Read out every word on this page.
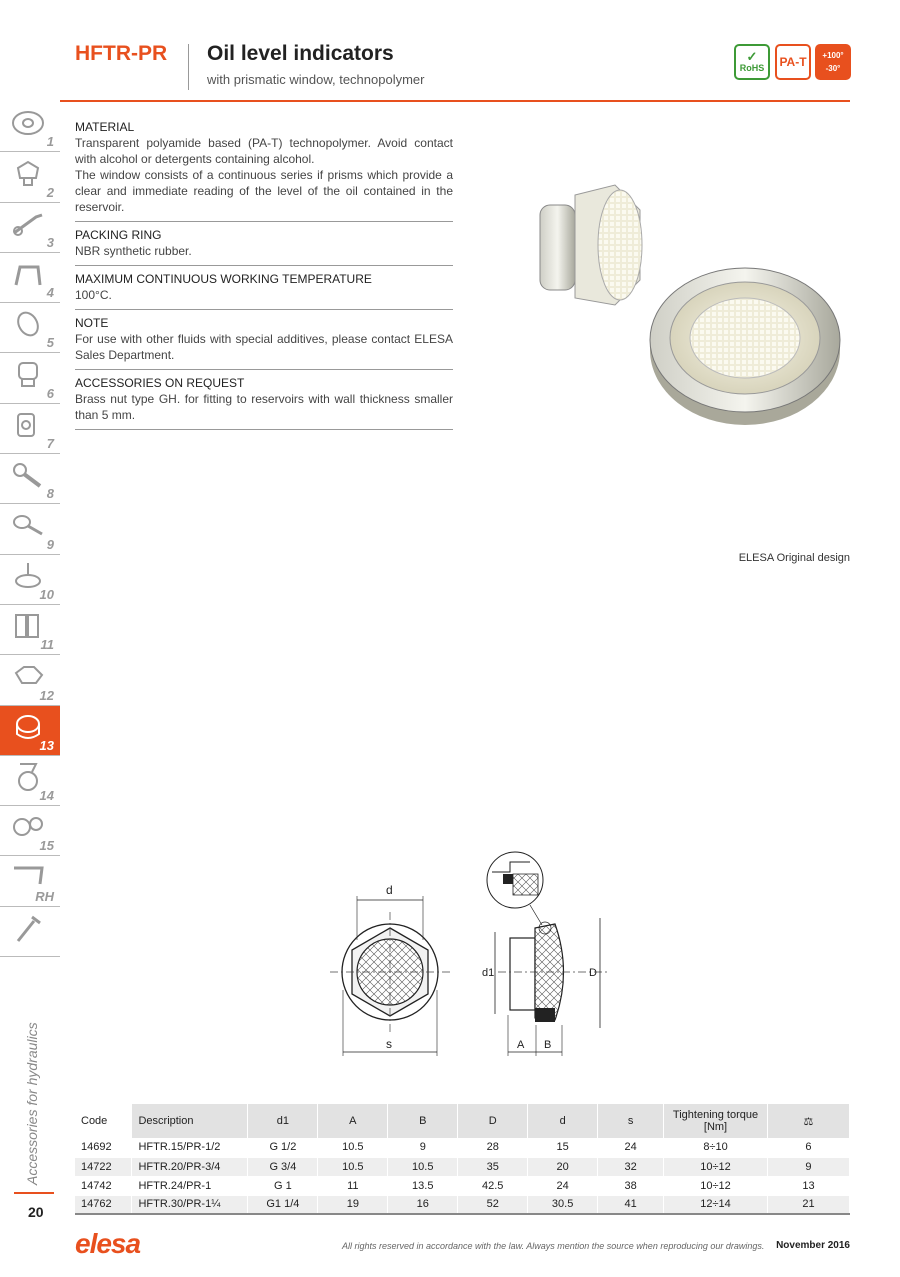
HFTR-PR Oil level indicators
with prismatic window, technopolymer
✓
RoHS	PA-T	+100°
-30°
1
2
3
4
5
6
7
8
9
10
11
12
13
14
15
RH
Accessories for hydraulics
20
MATERIAL
Transparent polyamide based (PA-T) technopolymer. Avoid contact with alcohol or detergents containing alcohol.
The window consists of a continuous series if prisms which provide a clear and immediate reading of the level of the oil contained in the reservoir.
PACKING RING
NBR synthetic rubber.
MAXIMUM CONTINUOUS WORKING TEMPERATURE
100°C.
NOTE
For use with other fluids with special additives, please contact ELESA Sales Department.
ACCESSORIES ON REQUEST
Brass nut type GH. for fitting to reservoirs with wall thickness smaller than 5 mm.
ELESA Original design
d
s
d1	D
A B
Code	Description	d1	A	B	D	d	s	Tightening torque [Nm]	⚖
14692	HFTR.15/PR-1/2	G 1/2	10.5	9	28	15	24	8÷10	6
14722	HFTR.20/PR-3/4	G 3/4	10.5	10.5	35	20	32	10÷12	9
14742	HFTR.24/PR-1	G 1	11	13.5	42.5	24	38	10÷12	13
14762	HFTR.30/PR-1¼	G1 1/4	19	16	52	30.5	41	12÷14	21
elesa	All rights reserved in accordance with the law. Always mention the source when reproducing our drawings. November 2016
